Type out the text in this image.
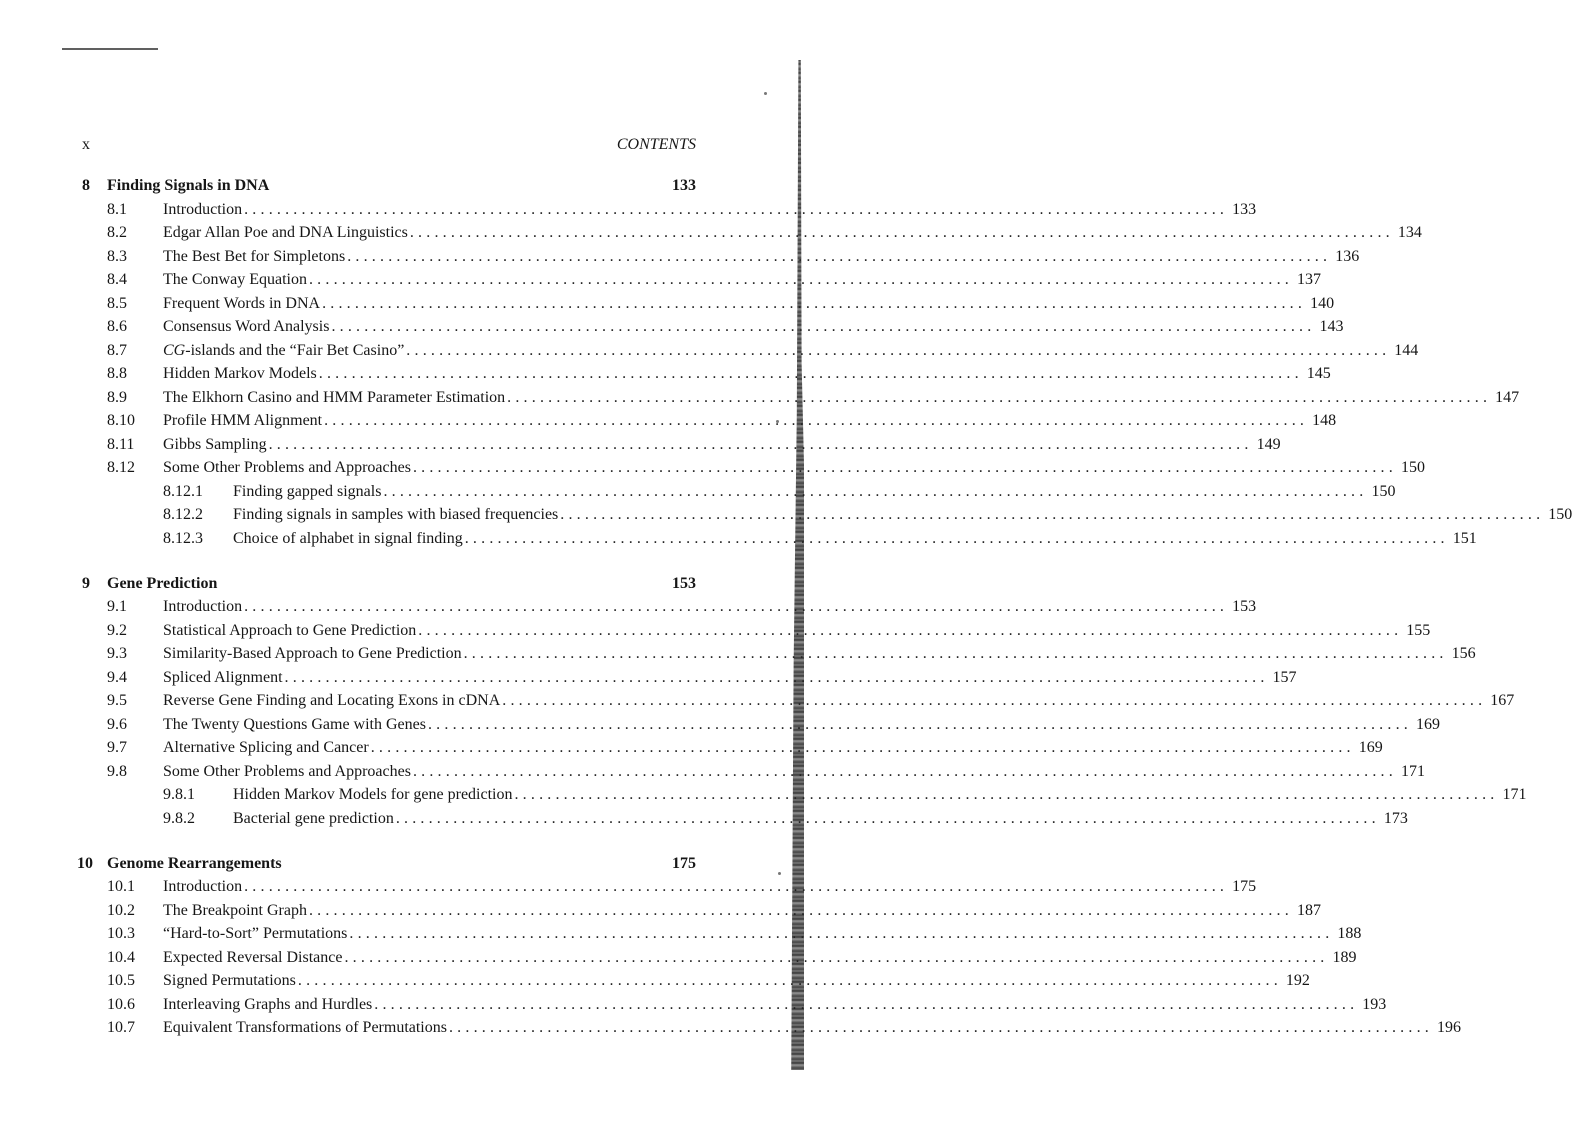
x	CONTENTS
8 Finding Signals in DNA	133
8.1	Introduction ........................................................................................................................ 133
8.2	Edgar Allan Poe and DNA Linguistics ........................................................................................................................ 134
8.3	The Best Bet for Simpletons ........................................................................................................................ 136
8.4	The Conway Equation ........................................................................................................................ 137
8.5	Frequent Words in DNA ........................................................................................................................ 140
8.6	Consensus Word Analysis ........................................................................................................................ 143
8.7	CG-islands and the “Fair Bet Casino” ........................................................................................................................ 144
8.8	Hidden Markov Models ........................................................................................................................ 145
8.9	The Elkhorn Casino and HMM Parameter Estimation ........................................................................................................................ 147
8.10	Profile HMM Alignment ........................................................................................................................ 148
8.11	Gibbs Sampling ........................................................................................................................ 149
8.12	Some Other Problems and Approaches ........................................................................................................................ 150
8.12.1	Finding gapped signals ........................................................................................................................ 150
8.12.2	Finding signals in samples with biased frequencies ........................................................................................................................ 150
8.12.3	Choice of alphabet in signal finding ........................................................................................................................ 151
9 Gene Prediction	153
9.1	Introduction ........................................................................................................................ 153
9.2	Statistical Approach to Gene Prediction ........................................................................................................................ 155
9.3	Similarity-Based Approach to Gene Prediction ........................................................................................................................ 156
9.4	Spliced Alignment ........................................................................................................................ 157
9.5	Reverse Gene Finding and Locating Exons in cDNA ........................................................................................................................ 167
9.6	The Twenty Questions Game with Genes ........................................................................................................................ 169
9.7	Alternative Splicing and Cancer ........................................................................................................................ 169
9.8	Some Other Problems and Approaches ........................................................................................................................ 171
9.8.1	Hidden Markov Models for gene prediction ........................................................................................................................ 171
9.8.2	Bacterial gene prediction ........................................................................................................................ 173
10 Genome Rearrangements	175
10.1	Introduction ........................................................................................................................ 175
10.2	The Breakpoint Graph ........................................................................................................................ 187
10.3	“Hard-to-Sort” Permutations ........................................................................................................................ 188
10.4	Expected Reversal Distance ........................................................................................................................ 189
10.5	Signed Permutations ........................................................................................................................ 192
10.6	Interleaving Graphs and Hurdles ........................................................................................................................ 193
10.7	Equivalent Transformations of Permutations ........................................................................................................................ 196
